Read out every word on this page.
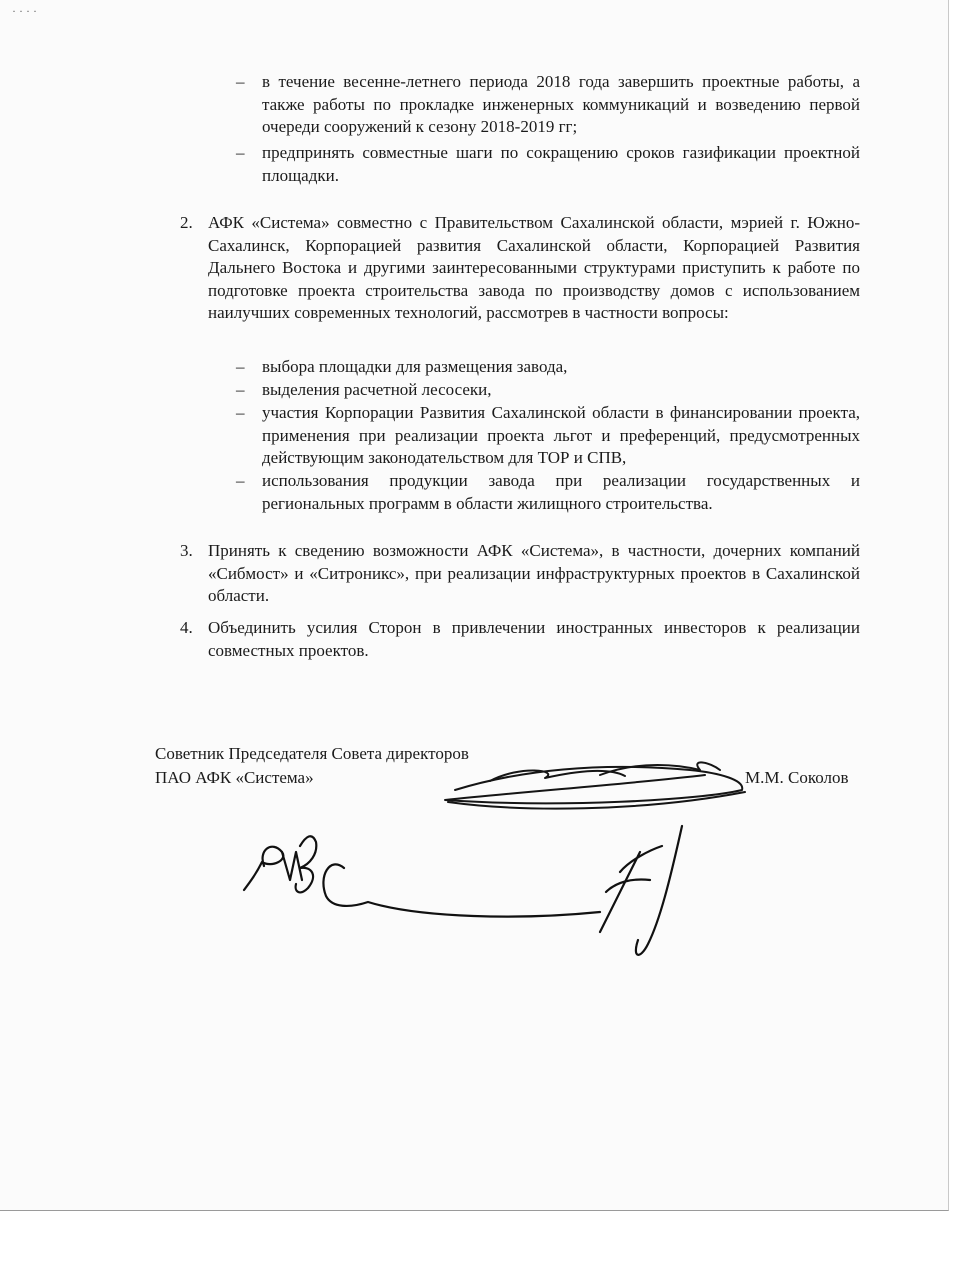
· · · ·
– в течение весенне-летнего периода 2018 года завершить проектные работы, а также работы по прокладке инженерных коммуникаций и возведению первой очереди сооружений к сезону 2018-2019 гг;
– предпринять совместные шаги по сокращению сроков газификации проектной площадки.
2. АФК «Система» совместно с Правительством Сахалинской области, мэрией г. Южно-Сахалинск, Корпорацией развития Сахалинской области, Корпорацией Развития Дальнего Востока и другими заинтересованными структурами приступить к работе по подготовке проекта строительства завода по производству домов с использованием наилучших современных технологий, рассмотрев в частности вопросы:
– выбора площадки для размещения завода,
– выделения расчетной лесосеки,
– участия Корпорации Развития Сахалинской области в финансировании проекта, применения при реализации проекта льгот и преференций, предусмотренных действующим законодательством для ТОР и СПВ,
– использования продукции завода при реализации государственных и региональных программ в области жилищного строительства.
3. Принять к сведению возможности АФК «Система», в частности, дочерних компаний «Сибмост» и «Ситроникс», при реализации инфраструктурных проектов в Сахалинской области.
4. Объединить усилия Сторон в привлечении иностранных инвесторов к реализации совместных проектов.
Советник Председателя Совета директоров
ПАО АФК «Система»	М.М. Соколов
